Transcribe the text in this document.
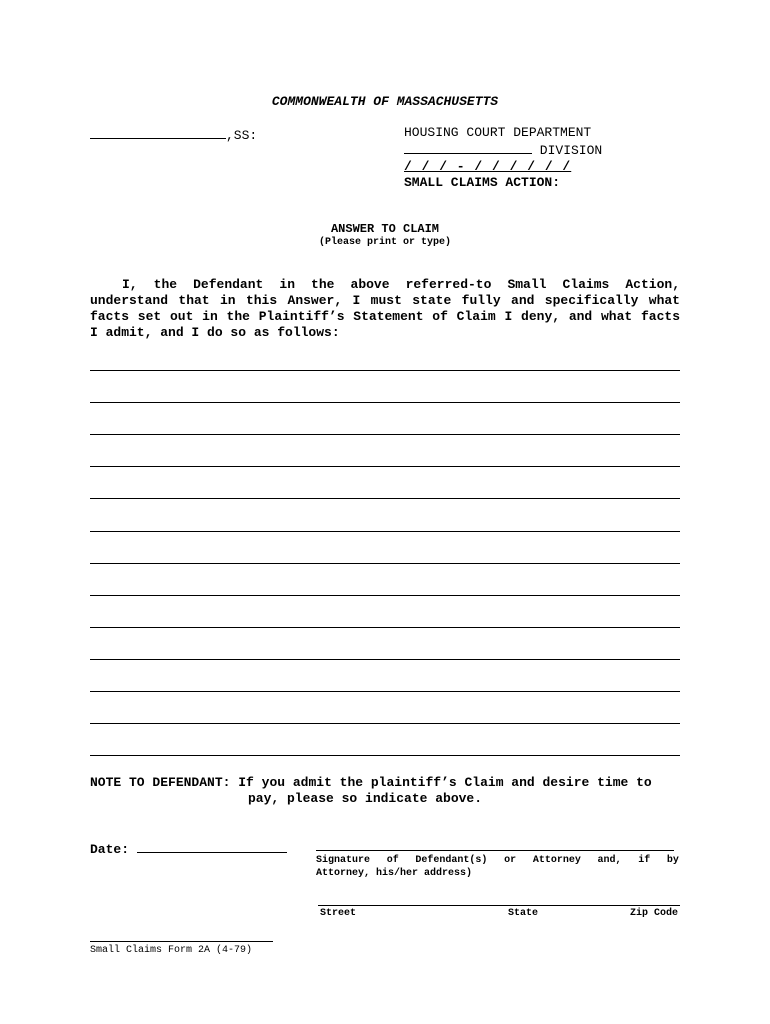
COMMONWEALTH OF MASSACHUSETTS
,SS:	HOUSING COURT DEPARTMENT
DIVISION
/ / / - / / / / / /
SMALL CLAIMS ACTION:
ANSWER TO CLAIM
(Please print or type)
I, the Defendant in the above referred-to Small Claims Action, understand that in this Answer, I must state fully and specifically what facts set out in the Plaintiff’s Statement of Claim I deny, and what facts I admit, and I do so as follows:
NOTE TO DEFENDANT: If you admit the plaintiff’s Claim and desire time to
pay, please so indicate above.
Date:
Signature of Defendant(s) or Attorney and, if by
Attorney, his/her address)
Street	State	Zip Code
Small Claims Form 2A (4-79)
